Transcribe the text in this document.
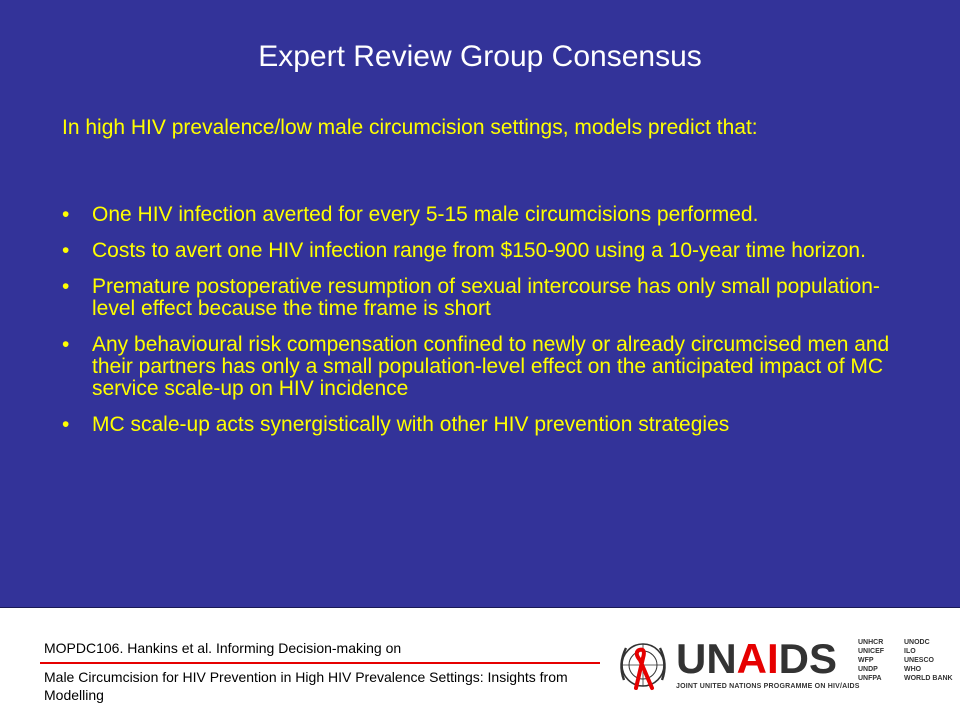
Expert Review Group Consensus
In high HIV prevalence/low male circumcision settings, models predict that:
• One HIV infection averted for every 5-15 male circumcisions performed.
• Costs to avert one HIV infection range from $150-900 using a 10-year time horizon.
• Premature postoperative resumption of sexual intercourse has only small population-level effect because the time frame is short
• Any behavioural risk compensation confined to newly or already circumcised men and their partners has only a small population-level effect on the anticipated impact of MC service scale-up on HIV incidence
• MC scale-up acts synergistically with other HIV prevention strategies
MOPDC106. Hankins et al. Informing Decision-making on
Male Circumcision for HIV Prevention in High HIV Prevalence Settings: Insights from Modelling
UNAIDS
JOINT UNITED NATIONS PROGRAMME ON HIV/AIDS
UNHCR
UNICEF
WFP
UNDP
UNFPA
UNODC
ILO
UNESCO
WHO
WORLD BANK
